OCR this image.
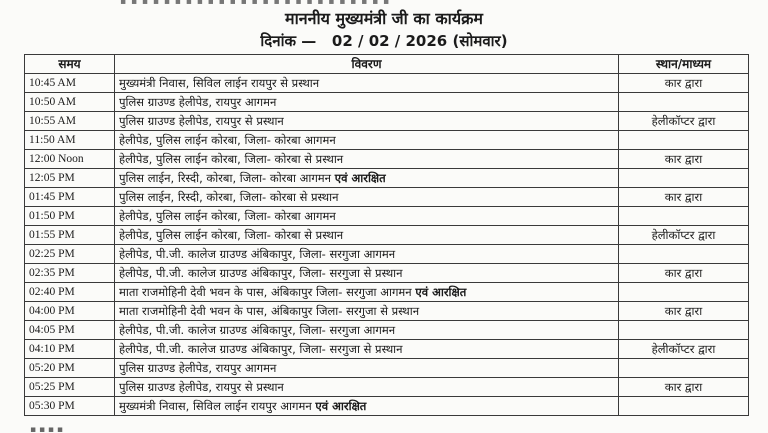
▪ ▪ ▪ ▪ ▪ ▪ ▪ ▪ ▪ ▪ ▪ ▪ ▪ ▪ ▪ ▪ ▪ ▪ ▪ ▪ ▪ ▪ ▪ ▪ ▪
माननीय मुख्यमंत्री जी का कार्यक्रम
दिनांक — 02 / 02 / 2026 (सोमवार)
समय	विवरण	स्थान/माध्यम
10:45 AM	मुख्यमंत्री निवास, सिविल लाईन रायपुर से प्रस्थान	कार द्वारा
10:50 AM	पुलिस ग्राउण्ड हेलीपेड, रायपुर आगमन	
10:55 AM	पुलिस ग्राउण्ड हेलीपेड, रायपुर से प्रस्थान	हेलीकॉप्टर द्वारा
11:50 AM	हेलीपेड, पुलिस लाईन कोरबा, जिला- कोरबा आगमन	
12:00 Noon	हेलीपेड, पुलिस लाईन कोरबा, जिला- कोरबा से प्रस्थान	कार द्वारा
12:05 PM	पुलिस लाईन, रिस्दी, कोरबा, जिला- कोरबा आगमन एवं आरक्षित	
01:45 PM	पुलिस लाईन, रिस्दी, कोरबा, जिला- कोरबा से प्रस्थान	कार द्वारा
01:50 PM	हेलीपेड, पुलिस लाईन कोरबा, जिला- कोरबा आगमन	
01:55 PM	हेलीपेड, पुलिस लाईन कोरबा, जिला- कोरबा से प्रस्थान	हेलीकॉप्टर द्वारा
02:25 PM	हेलीपेड, पी.जी. कालेज ग्राउण्ड अंबिकापुर, जिला- सरगुजा आगमन	
02:35 PM	हेलीपेड, पी.जी. कालेज ग्राउण्ड अंबिकापुर, जिला- सरगुजा से प्रस्थान	कार द्वारा
02:40 PM	माता राजमोहिनी देवी भवन के पास, अंबिकापुर जिला- सरगुजा आगमन एवं आरक्षित	
04:00 PM	माता राजमोहिनी देवी भवन के पास, अंबिकापुर जिला- सरगुजा से प्रस्थान	कार द्वारा
04:05 PM	हेलीपेड, पी.जी. कालेज ग्राउण्ड अंबिकापुर, जिला- सरगुजा आगमन	
04:10 PM	हेलीपेड, पी.जी. कालेज ग्राउण्ड अंबिकापुर, जिला- सरगुजा से प्रस्थान	हेलीकॉप्टर द्वारा
05:20 PM	पुलिस ग्राउण्ड हेलीपेड, रायपुर आगमन	
05:25 PM	पुलिस ग्राउण्ड हेलीपेड, रायपुर से प्रस्थान	कार द्वारा
05:30 PM	मुख्यमंत्री निवास, सिविल लाईन रायपुर आगमन एवं आरक्षित	
▪ ▪ ▪ ▪
